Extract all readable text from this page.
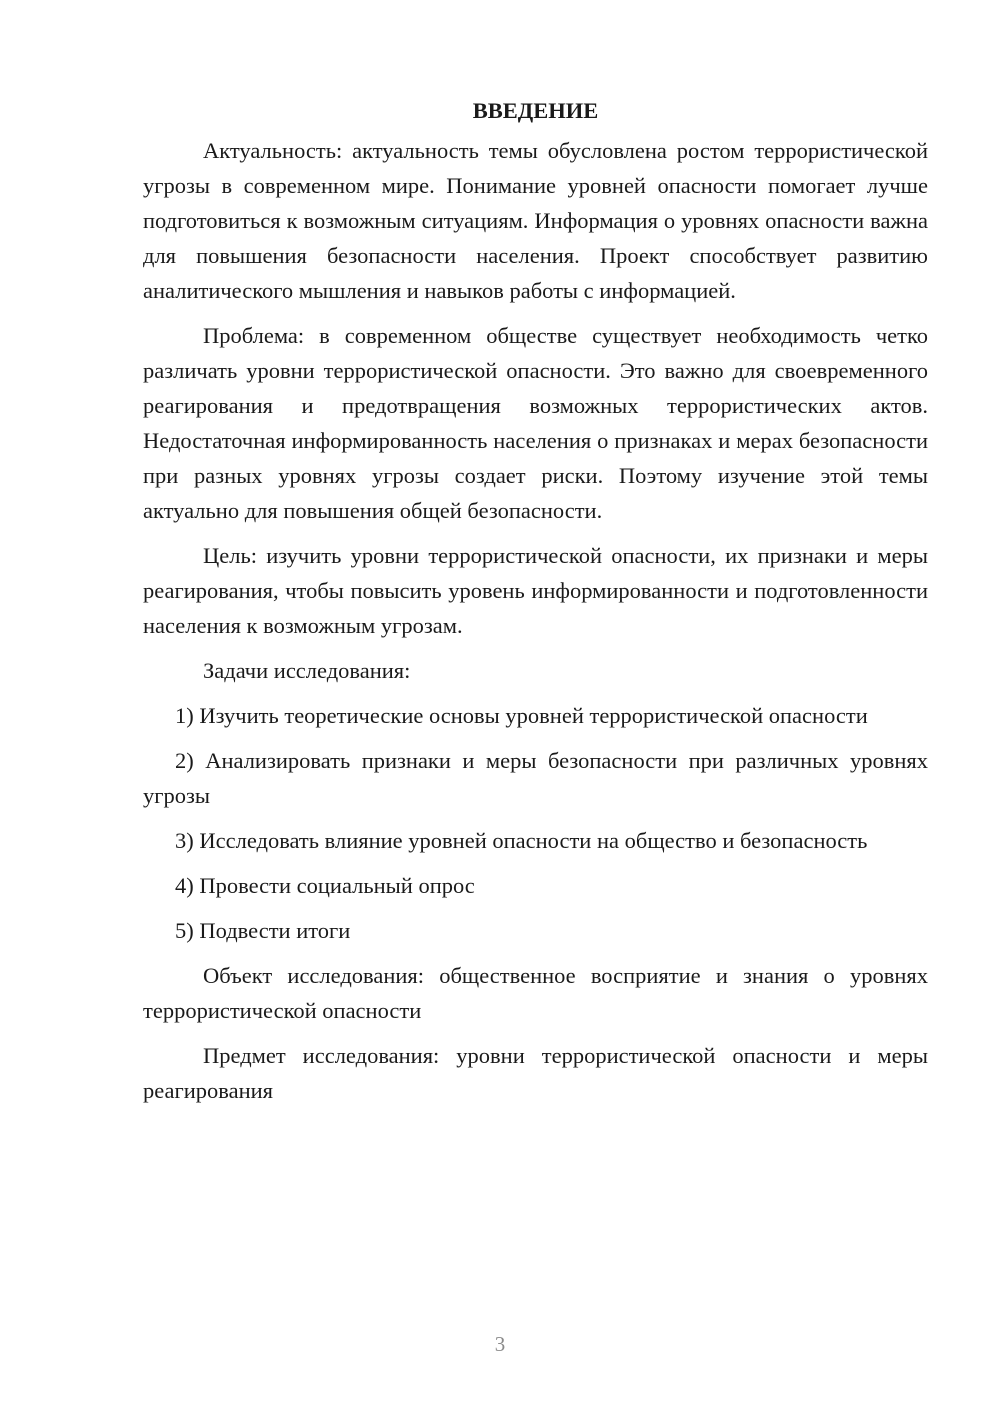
ВВЕДЕНИЕ

Актуальность: актуальность темы обусловлена ростом террористической угрозы в современном мире. Понимание уровней опасности помогает лучше подготовиться к возможным ситуациям. Информация о уровнях опасности важна для повышения безопасности населения. Проект способствует развитию аналитического мышления и навыков работы с информацией.

Проблема: в современном обществе существует необходимость четко различать уровни террористической опасности. Это важно для своевременного реагирования и предотвращения возможных террористических актов. Недостаточная информированность населения о признаках и мерах безопасности при разных уровнях угрозы создает риски. Поэтому изучение этой темы актуально для повышения общей безопасности.

Цель: изучить уровни террористической опасности, их признаки и меры реагирования, чтобы повысить уровень информированности и подготовленности населения к возможным угрозам.

Задачи исследования:

1) Изучить теоретические основы уровней террористической опасности

2) Анализировать признаки и меры безопасности при различных уровнях угрозы

3) Исследовать влияние уровней опасности на общество и безопасность

4) Провести социальный опрос

5) Подвести итоги

Объект исследования: общественное восприятие и знания о уровнях террористической опасности

Предмет исследования: уровни террористической опасности и меры реагирования

3
